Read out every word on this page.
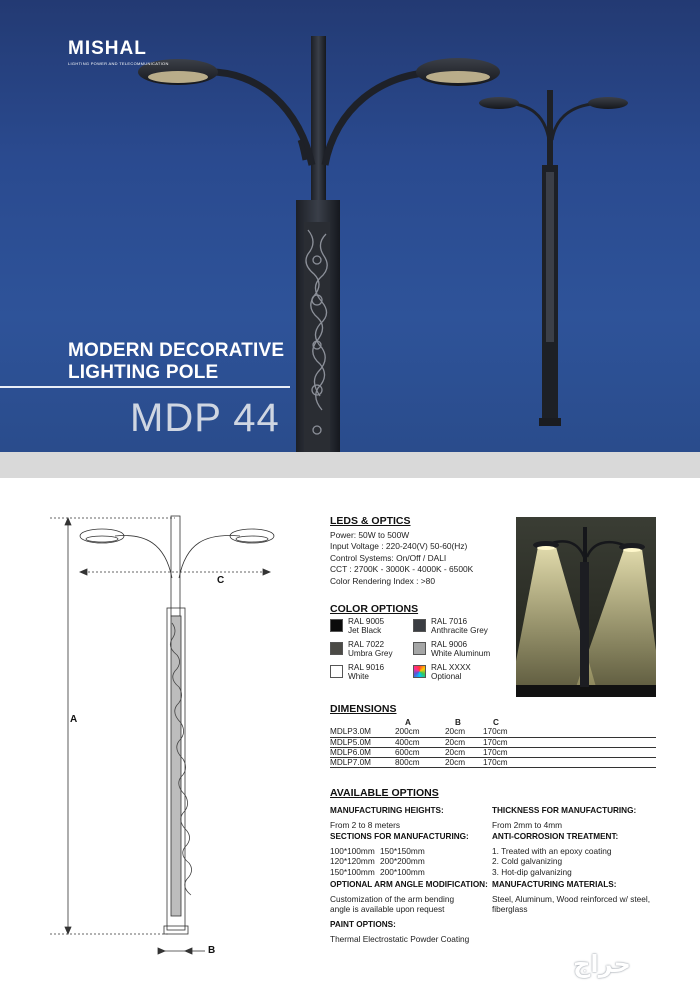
MISHAL
LIGHTING POWER AND TELECOMMUNICATION
MODERN DECORATIVE
LIGHTING POLE
MDP 44
A
C
B
LEDS & OPTICS
Power: 50W to 500W
Input Voltage : 220-240(V) 50-60(Hz)
Control Systems: On/Off / DALI
CCT : 2700K - 3000K - 4000K - 6500K
Color Rendering Index : >80
COLOR OPTIONS
RAL 9005
Jet Black
RAL 7016
Anthracite Grey
RAL 7022
Umbra Grey
RAL 9006
White Aluminum
RAL 9016
White
RAL XXXX
Optional
DIMENSIONS
	A	B	C
MDLP3.0M	200cm	20cm	170cm
MDLP5.0M	400cm	20cm	170cm
MDLP6.0M	600cm	20cm	170cm
MDLP7.0M	800cm	20cm	170cm
AVAILABLE OPTIONS
MANUFACTURING HEIGHTS:
From 2 to 8 meters
SECTIONS FOR MANUFACTURING:
100*100mm 150*150mm
120*120mm 200*200mm
150*100mm 200*100mm
OPTIONAL ARM ANGLE MODIFICATION:
Customization of the arm bending
angle is available upon request
PAINT OPTIONS:
Thermal Electrostatic Powder Coating
THICKNESS FOR MANUFACTURING:
From 2mm to 4mm
ANTI-CORROSION TREATMENT:
1. Treated with an epoxy coating
2. Cold galvanizing
3. Hot-dip galvanizing
MANUFACTURING MATERIALS:
Steel, Aluminum, Wood reinforced w/ steel,
fiberglass
حراج
